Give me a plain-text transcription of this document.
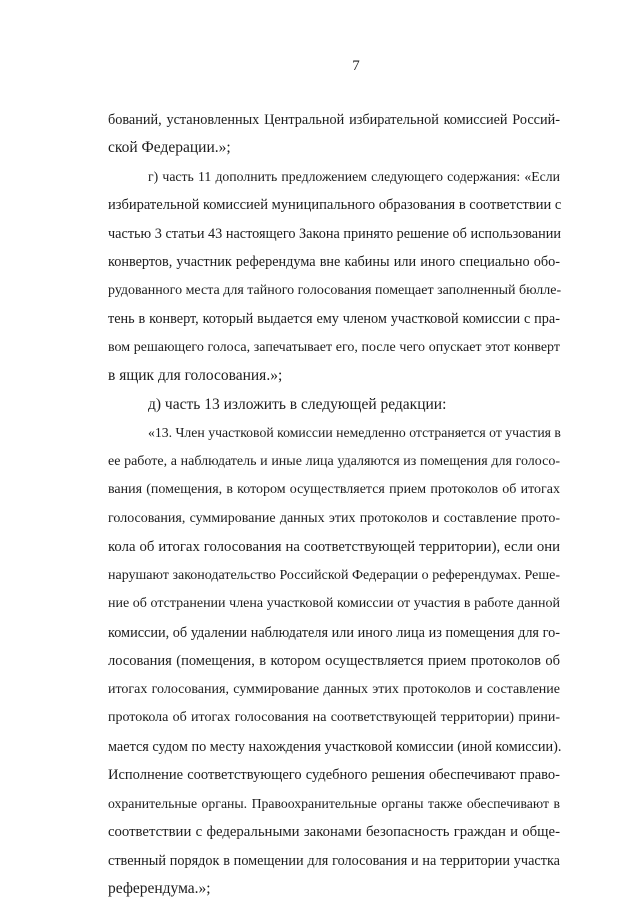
7
бований, установленных Центральной избирательной комиссией Россий-
ской Федерации.»;
г) часть 11 дополнить предложением следующего содержания: «Если
избирательной комиссией муниципального образования в соответствии с
частью 3 статьи 43 настоящего Закона принято решение об использовании
конвертов, участник референдума вне кабины или иного специально обо-
рудованного места для тайного голосования помещает заполненный бюлле-
тень в конверт, который выдается ему членом участковой комиссии с пра-
вом решающего голоса, запечатывает его, после чего опускает этот конверт
в ящик для голосования.»;
д) часть 13 изложить в следующей редакции:
«13. Член участковой комиссии немедленно отстраняется от участия в
ее работе, а наблюдатель и иные лица удаляются из помещения для голосо-
вания (помещения, в котором осуществляется прием протоколов об итогах
голосования, суммирование данных этих протоколов и составление прото-
кола об итогах голосования на соответствующей территории), если они
нарушают законодательство Российской Федерации о референдумах. Реше-
ние об отстранении члена участковой комиссии от участия в работе данной
комиссии, об удалении наблюдателя или иного лица из помещения для го-
лосования (помещения, в котором осуществляется прием протоколов об
итогах голосования, суммирование данных этих протоколов и составление
протокола об итогах голосования на соответствующей территории) прини-
мается судом по месту нахождения участковой комиссии (иной комиссии).
Исполнение соответствующего судебного решения обеспечивают право-
охранительные органы. Правоохранительные органы также обеспечивают в
соответствии с федеральными законами безопасность граждан и обще-
ственный порядок в помещении для голосования и на территории участка
референдума.»;
